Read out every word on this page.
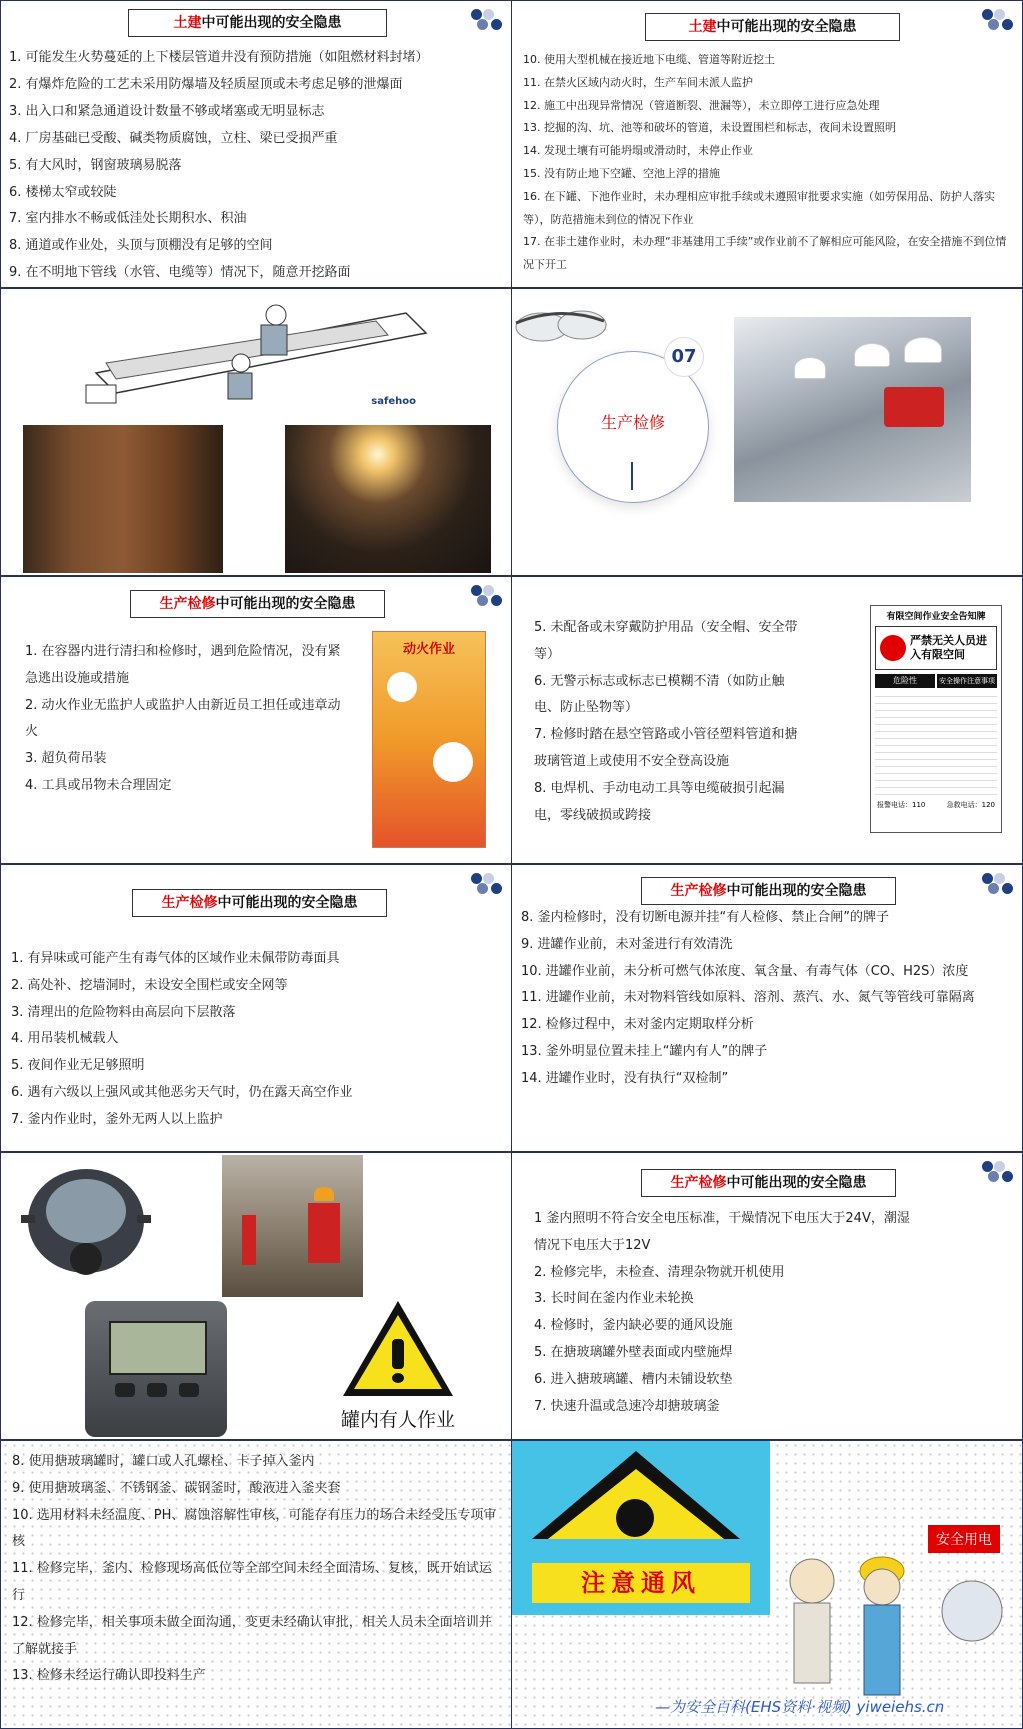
土建中可能出现的安全隐患
1. 可能发生火势蔓延的上下楼层管道井没有预防措施（如阻燃材料封堵）
2. 有爆炸危险的工艺未采用防爆墙及轻质屋顶或未考虑足够的泄爆面
3. 出入口和紧急通道设计数量不够或堵塞或无明显标志
4. 厂房基础已受酸、碱类物质腐蚀，立柱、梁已受损严重
5. 有大风时，钢窗玻璃易脱落
6. 楼梯太窄或较陡
7. 室内排水不畅或低洼处长期积水、积油
8. 通道或作业处，头顶与顶棚没有足够的空间
9. 在不明地下管线（水管、电缆等）情况下，随意开挖路面
土建中可能出现的安全隐患
10. 使用大型机械在接近地下电缆、管道等附近挖土
11. 在禁火区域内动火时，生产车间未派人监护
12. 施工中出现异常情况（管道断裂、泄漏等），未立即停工进行应急处理
13. 挖掘的沟、坑、池等和破坏的管道，未设置围栏和标志，夜间未设置照明
14. 发现土壤有可能坍塌或滑动时，未停止作业
15. 没有防止地下空罐、空池上浮的措施
16. 在下罐、下池作业时，未办理相应审批手续或未遵照审批要求实施（如劳保用品、防护人落实等），防范措施未到位的情况下作业
17. 在非土建作业时，未办理“非基建用工手续”或作业前不了解相应可能风险，在安全措施不到位情况下开工
safehoo
生产检修
07
生产检修中可能出现的安全隐患
1. 在容器内进行清扫和检修时，遇到危险情况，没有紧急逃出设施或措施
2. 动火作业无监护人或监护人由新近员工担任或违章动火
3. 超负荷吊装
4. 工具或吊物未合理固定
动火作业
5. 未配备或未穿戴防护用品（安全帽、安全带等）
6. 无警示标志或标志已模糊不清（如防止触电、防止坠物等）
7. 检修时踏在悬空管路或小管径塑料管道和搪玻璃管道上或使用不安全登高设施
8. 电焊机、手动电动工具等电缆破损引起漏电，零线破损或跨接
有限空间作业安全告知牌
严禁无关人员进入有限空间
危险性	安全操作注意事项
报警电话：110	急救电话：120
生产检修中可能出现的安全隐患
1. 有异味或可能产生有毒气体的区域作业未佩带防毒面具
2. 高处补、挖墙洞时，未设安全围栏或安全网等
3. 清理出的危险物料由高层向下层散落
4. 用吊装机械载人
5. 夜间作业无足够照明
6. 遇有六级以上强风或其他恶劣天气时，仍在露天高空作业
7. 釜内作业时，釜外无两人以上监护
生产检修中可能出现的安全隐患
8. 釜内检修时，没有切断电源并挂“有人检修、禁止合闸”的牌子
9. 进罐作业前，未对釜进行有效清洗
10. 进罐作业前，未分析可燃气体浓度、氧含量、有毒气体（CO、H2S）浓度
11. 进罐作业前，未对物料管线如原料、溶剂、蒸汽、水、氮气等管线可靠隔离
12. 检修过程中，未对釜内定期取样分析
13. 釜外明显位置未挂上“罐内有人”的牌子
14. 进罐作业时，没有执行“双检制”
罐内有人作业
生产检修中可能出现的安全隐患
1 釜内照明不符合安全电压标准，干燥情况下电压大于24V，潮湿情况下电压大于12V
2. 检修完毕，未检查、清理杂物就开机使用
3. 长时间在釜内作业未轮换
4. 检修时，釜内缺必要的通风设施
5. 在搪玻璃罐外壁表面或内壁施焊
6. 进入搪玻璃罐、槽内未铺设软垫
7. 快速升温或急速冷却搪玻璃釜
8. 使用搪玻璃罐时，罐口或人孔螺栓、卡子掉入釜内
9. 使用搪玻璃釜、不锈钢釜、碳钢釜时，酸液进入釜夹套
10. 选用材料未经温度、PH、腐蚀溶解性审核，可能存有压力的场合未经受压专项审核
11. 检修完毕，釜内、检修现场高低位等全部空间未经全面清场、复核，既开始试运行
12. 检修完毕，相关事项未做全面沟通，变更未经确认审批，相关人员未全面培训并了解就接手
13. 检修未经运行确认即投料生产
注意通风
安全用电
—为安全百科(EHS资料·视频) yiweiehs.cn
